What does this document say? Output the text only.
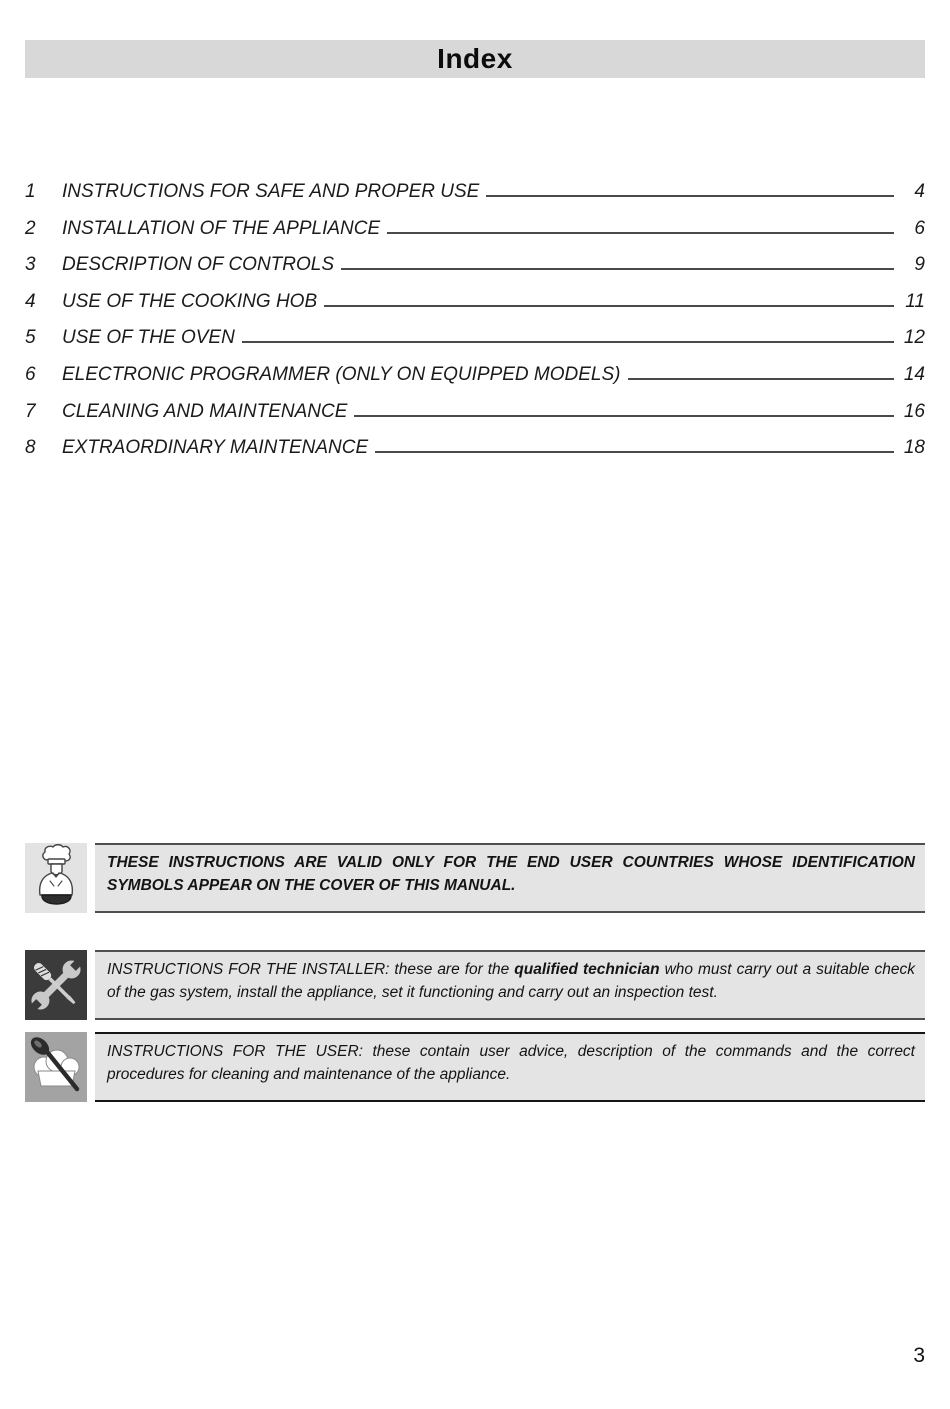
Index
1	INSTRUCTIONS FOR SAFE AND PROPER USE	4
2	INSTALLATION OF THE APPLIANCE	6
3	DESCRIPTION OF CONTROLS	9
4	USE OF THE COOKING HOB	11
5	USE OF THE OVEN	12
6	ELECTRONIC PROGRAMMER (ONLY ON EQUIPPED MODELS)	14
7	CLEANING AND MAINTENANCE	16
8	EXTRAORDINARY MAINTENANCE	18
THESE INSTRUCTIONS ARE VALID ONLY FOR THE END USER COUNTRIES WHOSE IDENTIFICATION SYMBOLS APPEAR ON THE COVER OF THIS MANUAL.
INSTRUCTIONS FOR THE INSTALLER: these are for the qualified technician who must carry out a suitable check of the gas system, install the appliance, set it functioning and carry out an inspection test.
INSTRUCTIONS FOR THE USER: these contain user advice, description of the commands and the correct procedures for cleaning and maintenance of the appliance.
3
